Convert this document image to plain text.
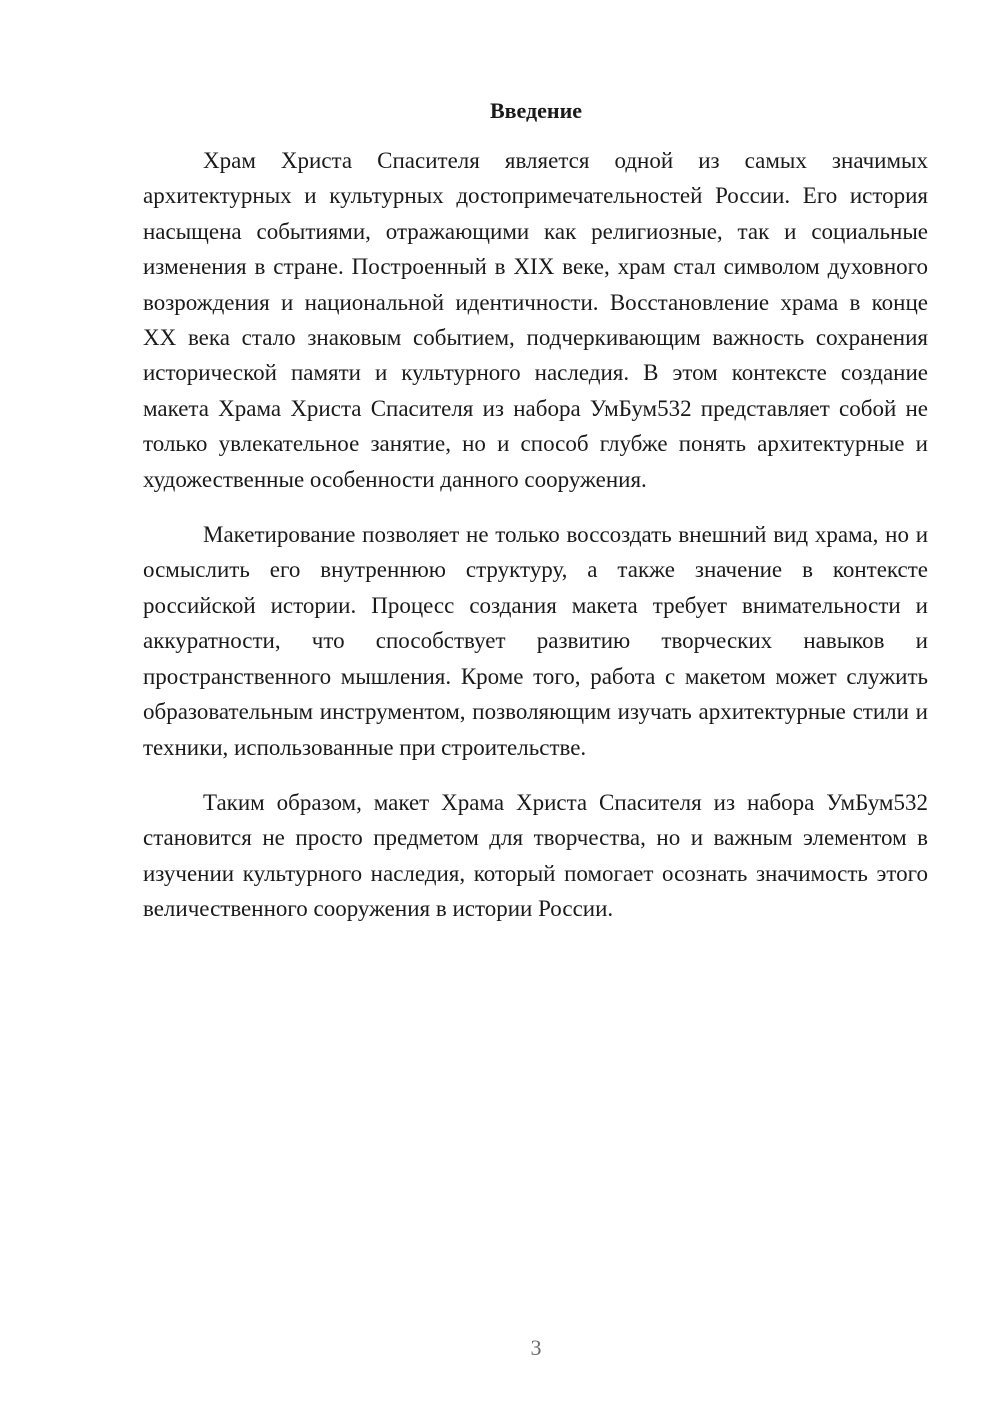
Введение

Храм Христа Спасителя является одной из самых значимых архитектурных и культурных достопримечательностей России. Его история насыщена событиями, отражающими как религиозные, так и социальные изменения в стране. Построенный в XIX веке, храм стал символом духовного возрождения и национальной идентичности. Восстановление храма в конце XX века стало знаковым событием, подчеркивающим важность сохранения исторической памяти и культурного наследия. В этом контексте создание макета Храма Христа Спасителя из набора УмБум532 представляет собой не только увлекательное занятие, но и способ глубже понять архитектурные и художественные особенности данного сооружения.

Макетирование позволяет не только воссоздать внешний вид храма, но и осмыслить его внутреннюю структуру, а также значение в контексте российской истории. Процесс создания макета требует внимательности и аккуратности, что способствует развитию творческих навыков и пространственного мышления. Кроме того, работа с макетом может служить образовательным инструментом, позволяющим изучать архитектурные стили и техники, использованные при строительстве.

Таким образом, макет Храма Христа Спасителя из набора УмБум532 становится не просто предметом для творчества, но и важным элементом в изучении культурного наследия, который помогает осознать значимость этого величественного сооружения в истории России.

3
